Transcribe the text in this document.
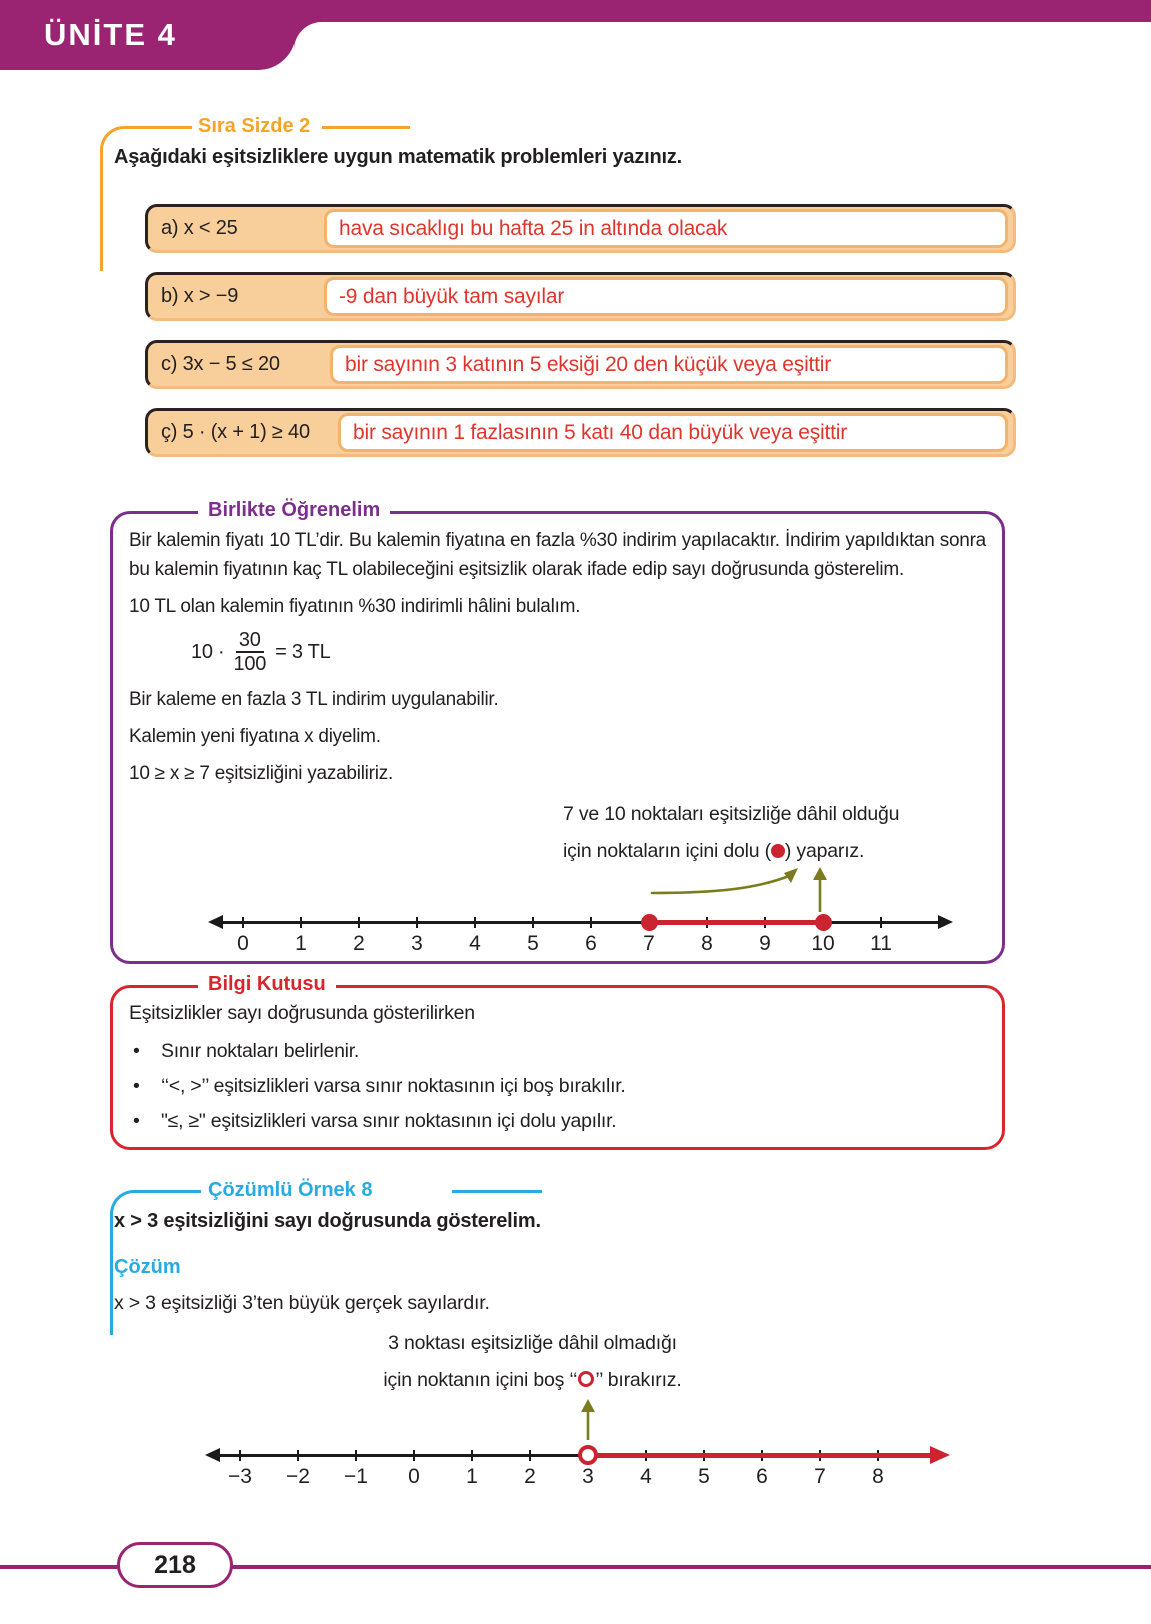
ÜNİTE 4
Sıra Sizde 2
Aşağıdaki eşitsizliklere uygun matematik problemleri yazınız.
a) x < 25	hava sıcaklıgı bu hafta 25 in altında olacak
b) x > −9	-9 dan büyük tam sayılar
c) 3x − 5 ≤ 20	bir sayının 3 katının 5 eksiği 20 den küçük veya eşittir
ç) 5 · (x + 1) ≥ 40 bir sayının 1 fazlasının 5 katı 40 dan büyük veya eşittir
Birlikte Öğrenelim

Bir kalemin fiyatı 10 TL’dir. Bu kalemin fiyatına en fazla %30 indirim yapılacaktır. İndirim yapıldıktan sonra bu kalemin fiyatının kaç TL olabileceğini eşitsizlik olarak ifade edip sayı doğrusunda gösterelim.

10 TL olan kalemin fiyatının %30 indirimli hâlini bulalım.

$10 \cdot \frac{30}{100} = 3$ TL

Bir kaleme en fazla 3 TL indirim uygulanabilir.

Kalemin yeni fiyatına x diyelim.

10 ≥ x ≥ 7 eşitsizliğini yazabiliriz.

7 ve 10 noktaları eşitsizliğe dâhil olduğu
için noktaların içini dolu ( ) yaparız.
0	1	2	3	4	5	6	7	8	9	10	11
Bilgi Kutusu

Eşitsizlikler sayı doğrusunda gösterilirken

•	Sınır noktaları belirlenir.
•	‘‘<, >’’ eşitsizlikleri varsa sınır noktasının içi boş bırakılır.
•	"≤, ≥" eşitsizlikleri varsa sınır noktasının içi dolu yapılır.
Çözümlü Örnek 8
x > 3 eşitsizliğini sayı doğrusunda gösterelim.
Çözüm
x > 3 eşitsizliği 3’ten büyük gerçek sayılardır.
3 noktası eşitsizliğe dâhil olmadığı
için noktanın içini boş ‘‘ ’’ bırakırız.
−3	−2	−1	0	1	2	3	4	5	6	7	8
218
